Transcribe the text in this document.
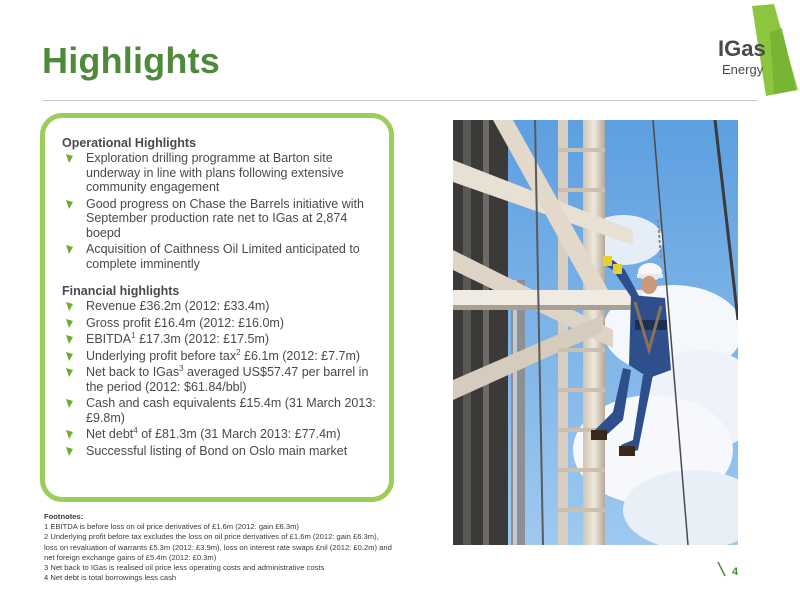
Highlights	IGas
Energy
Operational Highlights
Exploration drilling programme at Barton site underway in line with plans following extensive community engagement
Good progress on Chase the Barrels initiative with September production rate net to IGas at 2,874 boepd
Acquisition of Caithness Oil Limited anticipated to complete imminently
Financial highlights
Revenue £36.2m (2012: £33.4m)
Gross profit £16.4m (2012: £16.0m)
EBITDA$^1$ £17.3m (2012: £17.5m)
Underlying profit before tax$^2$ £6.1m (2012: £7.7m)
Net back to IGas$^3$ averaged US$57.47 per barrel in the period (2012: $61.84/bbl)
Cash and cash equivalents £15.4m (31 March 2013: £9.8m)
Net debt$^4$ of £81.3m (31 March 2013: £77.4m)
Successful listing of Bond on Oslo main market
Footnotes:
1 EBITDA is before loss on oil price derivatives of £1.6m (2012: gain £6.3m)
2 Underlying profit before tax excludes the loss on oil price derivatives of £1.6m (2012: gain £6.3m), loss on revaluation of warrants £5.3m (2012: £3.9m), loss on interest rate swaps £nil (2012: £0.2m) and net foreign exchange gains of £5.4m (2012: £0.3m)
3 Net back to IGas is realised oil price less operating costs and administrative costs
4 Net debt is total borrowings less cash	4
